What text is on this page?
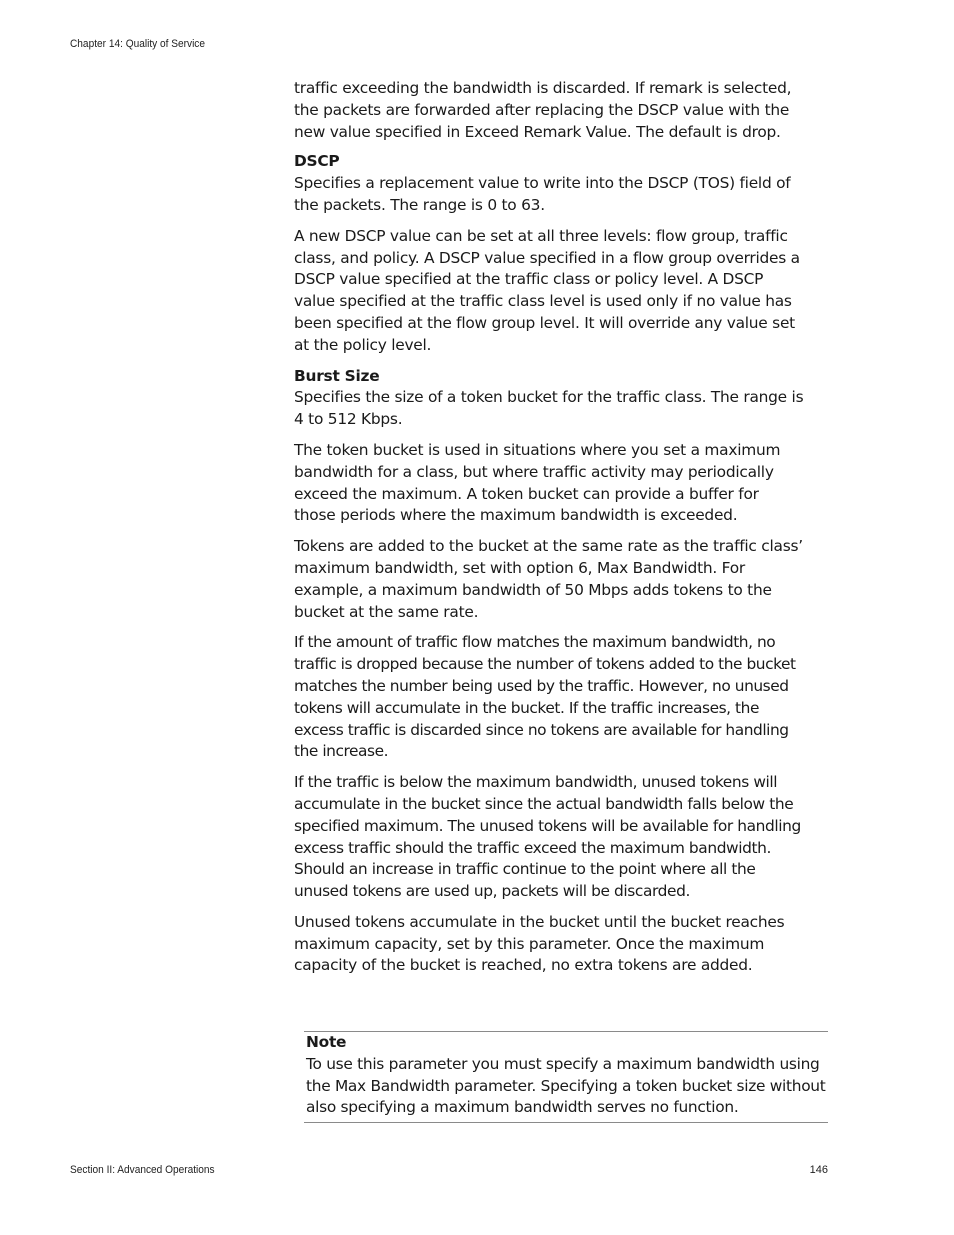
Chapter 14: Quality of Service

traffic exceeding the bandwidth is discarded. If remark is selected, the packets are forwarded after replacing the DSCP value with the new value specified in Exceed Remark Value. The default is drop.

DSCP
Specifies a replacement value to write into the DSCP (TOS) field of the packets. The range is 0 to 63.

A new DSCP value can be set at all three levels: flow group, traffic class, and policy. A DSCP value specified in a flow group overrides a DSCP value specified at the traffic class or policy level. A DSCP value specified at the traffic class level is used only if no value has been specified at the flow group level. It will override any value set at the policy level.

Burst Size
Specifies the size of a token bucket for the traffic class. The range is 4 to 512 Kbps.

The token bucket is used in situations where you set a maximum bandwidth for a class, but where traffic activity may periodically exceed the maximum. A token bucket can provide a buffer for those periods where the maximum bandwidth is exceeded.

Tokens are added to the bucket at the same rate as the traffic class’ maximum bandwidth, set with option 6, Max Bandwidth. For example, a maximum bandwidth of 50 Mbps adds tokens to the bucket at the same rate.

If the amount of traffic flow matches the maximum bandwidth, no traffic is dropped because the number of tokens added to the bucket matches the number being used by the traffic. However, no unused tokens will accumulate in the bucket. If the traffic increases, the excess traffic is discarded since no tokens are available for handling the increase.

If the traffic is below the maximum bandwidth, unused tokens will accumulate in the bucket since the actual bandwidth falls below the specified maximum. The unused tokens will be available for handling excess traffic should the traffic exceed the maximum bandwidth. Should an increase in traffic continue to the point where all the unused tokens are used up, packets will be discarded.

Unused tokens accumulate in the bucket until the bucket reaches maximum capacity, set by this parameter. Once the maximum capacity of the bucket is reached, no extra tokens are added.

Note

To use this parameter you must specify a maximum bandwidth using the Max Bandwidth parameter. Specifying a token bucket size without also specifying a maximum bandwidth serves no function.

Section II: Advanced Operations	146
